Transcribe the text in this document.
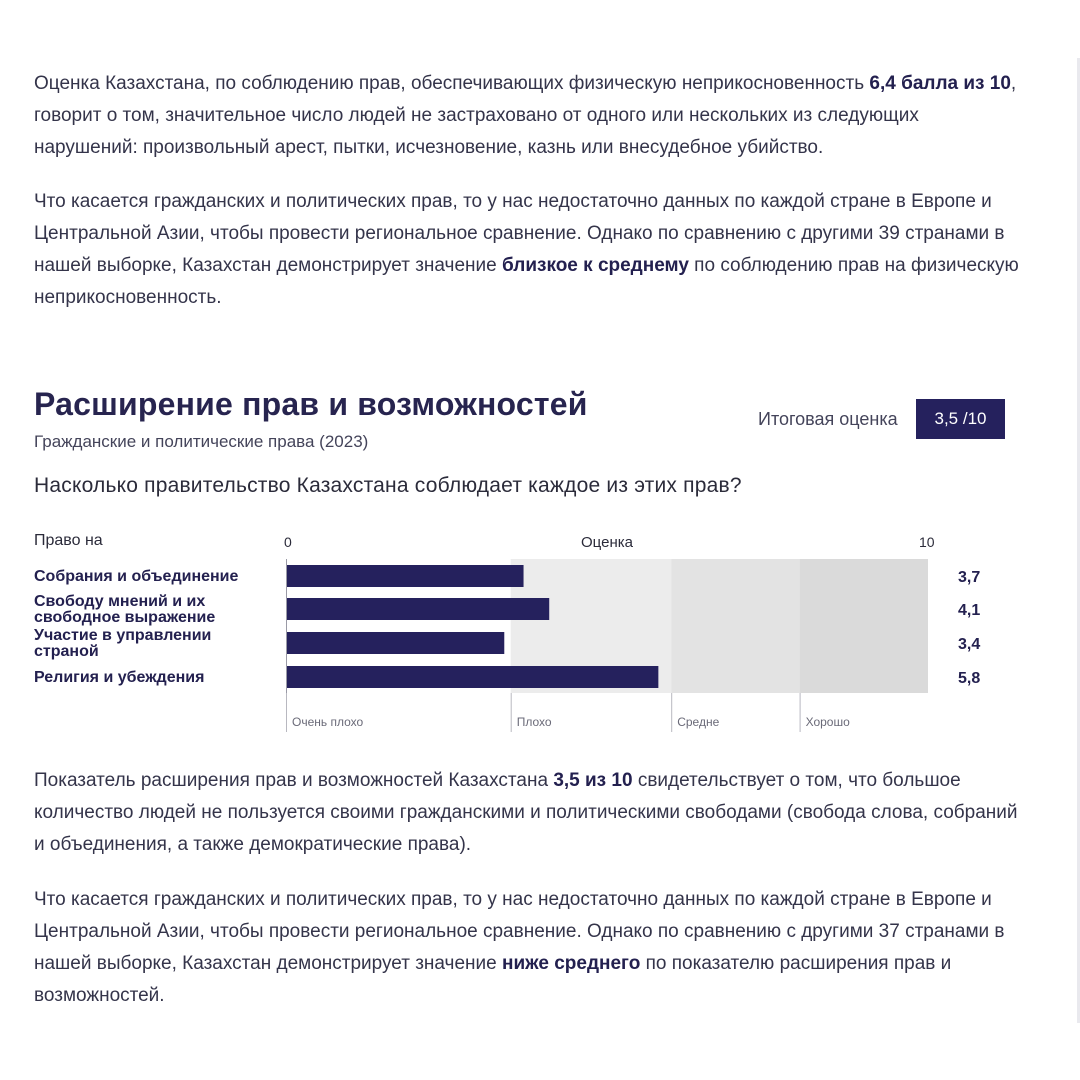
Оценка Казахстана, по соблюдению прав, обеспечивающих физическую неприкосновенность 6,4 балла из 10, говорит о том, значительное число людей не застраховано от одного или нескольких из следующих нарушений: произвольный арест, пытки, исчезновение, казнь или внесудебное убийство.

Что касается гражданских и политических прав, то у нас недостаточно данных по каждой стране в Европе и Центральной Азии, чтобы провести региональное сравнение. Однако по сравнению с другими 39 странами в нашей выборке, Казахстан демонстрирует значение близкое к среднему по соблюдению прав на физическую неприкосновенность.

Расширение прав и возможностей
Гражданские и политические права (2023)
Итоговая оценка 3,5 /10
Насколько правительство Казахстана соблюдает каждое из этих прав?
Право на	0	10
Оценка
Очень плохо	Плохо	Средне	Хорошо
Собрания и объединение	3,7
Свободу мнений и их
свободное выражение	4,1
Участие в управлении
страной	3,4
Религия и убеждения	5,8

Показатель расширения прав и возможностей Казахстана 3,5 из 10 свидетельствует о том, что большое количество людей не пользуется своими гражданскими и политическими свободами (свобода слова, собраний и объединения, а также демократические права).

Что касается гражданских и политических прав, то у нас недостаточно данных по каждой стране в Европе и Центральной Азии, чтобы провести региональное сравнение. Однако по сравнению с другими 37 странами в нашей выборке, Казахстан демонстрирует значение ниже среднего по показателю расширения прав и возможностей.
